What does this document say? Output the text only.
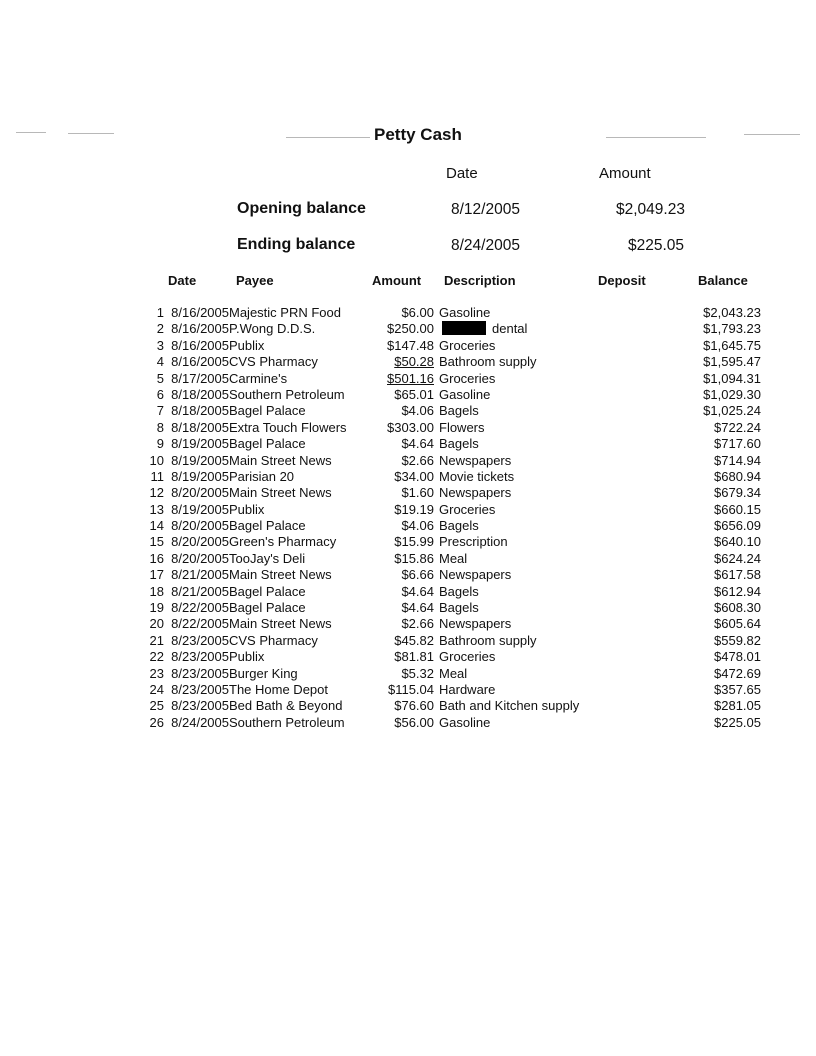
Petty Cash
Date	Amount
Opening balance	8/12/2005	$2,049.23
Ending balance	8/24/2005	$225.05
Date	Payee	Amount Description	Deposit	Balance
1 8/16/2005 Majestic PRN Food	$6.00 Gasoline	$2,043.23
2 8/16/2005 P.Wong D.D.S.	$250.00	dental	$1,793.23
3 8/16/2005 Publix	$147.48 Groceries	$1,645.75
4 8/16/2005 CVS Pharmacy	$50.28 Bathroom supply	$1,595.47
5 8/17/2005 Carmine's	$501.16 Groceries	$1,094.31
6 8/18/2005 Southern Petroleum	$65.01 Gasoline	$1,029.30
7 8/18/2005 Bagel Palace	$4.06 Bagels	$1,025.24
8 8/18/2005 Extra Touch Flowers	$303.00 Flowers	$722.24
9 8/19/2005 Bagel Palace	$4.64 Bagels	$717.60
10 8/19/2005 Main Street News	$2.66 Newspapers	$714.94
11 8/19/2005 Parisian 20	$34.00 Movie tickets	$680.94
12 8/20/2005 Main Street News	$1.60 Newspapers	$679.34
13 8/19/2005 Publix	$19.19 Groceries	$660.15
14 8/20/2005 Bagel Palace	$4.06 Bagels	$656.09
15 8/20/2005 Green's Pharmacy	$15.99 Prescription	$640.10
16 8/20/2005 TooJay's Deli	$15.86 Meal	$624.24
17 8/21/2005 Main Street News	$6.66 Newspapers	$617.58
18 8/21/2005 Bagel Palace	$4.64 Bagels	$612.94
19 8/22/2005 Bagel Palace	$4.64 Bagels	$608.30
20 8/22/2005 Main Street News	$2.66 Newspapers	$605.64
21 8/23/2005 CVS Pharmacy	$45.82 Bathroom supply	$559.82
22 8/23/2005 Publix	$81.81 Groceries	$478.01
23 8/23/2005 Burger King	$5.32 Meal	$472.69
24 8/23/2005 The Home Depot	$115.04 Hardware	$357.65
25 8/23/2005 Bed Bath & Beyond	$76.60 Bath and Kitchen supply	$281.05
26 8/24/2005 Southern Petroleum	$56.00 Gasoline	$225.05
